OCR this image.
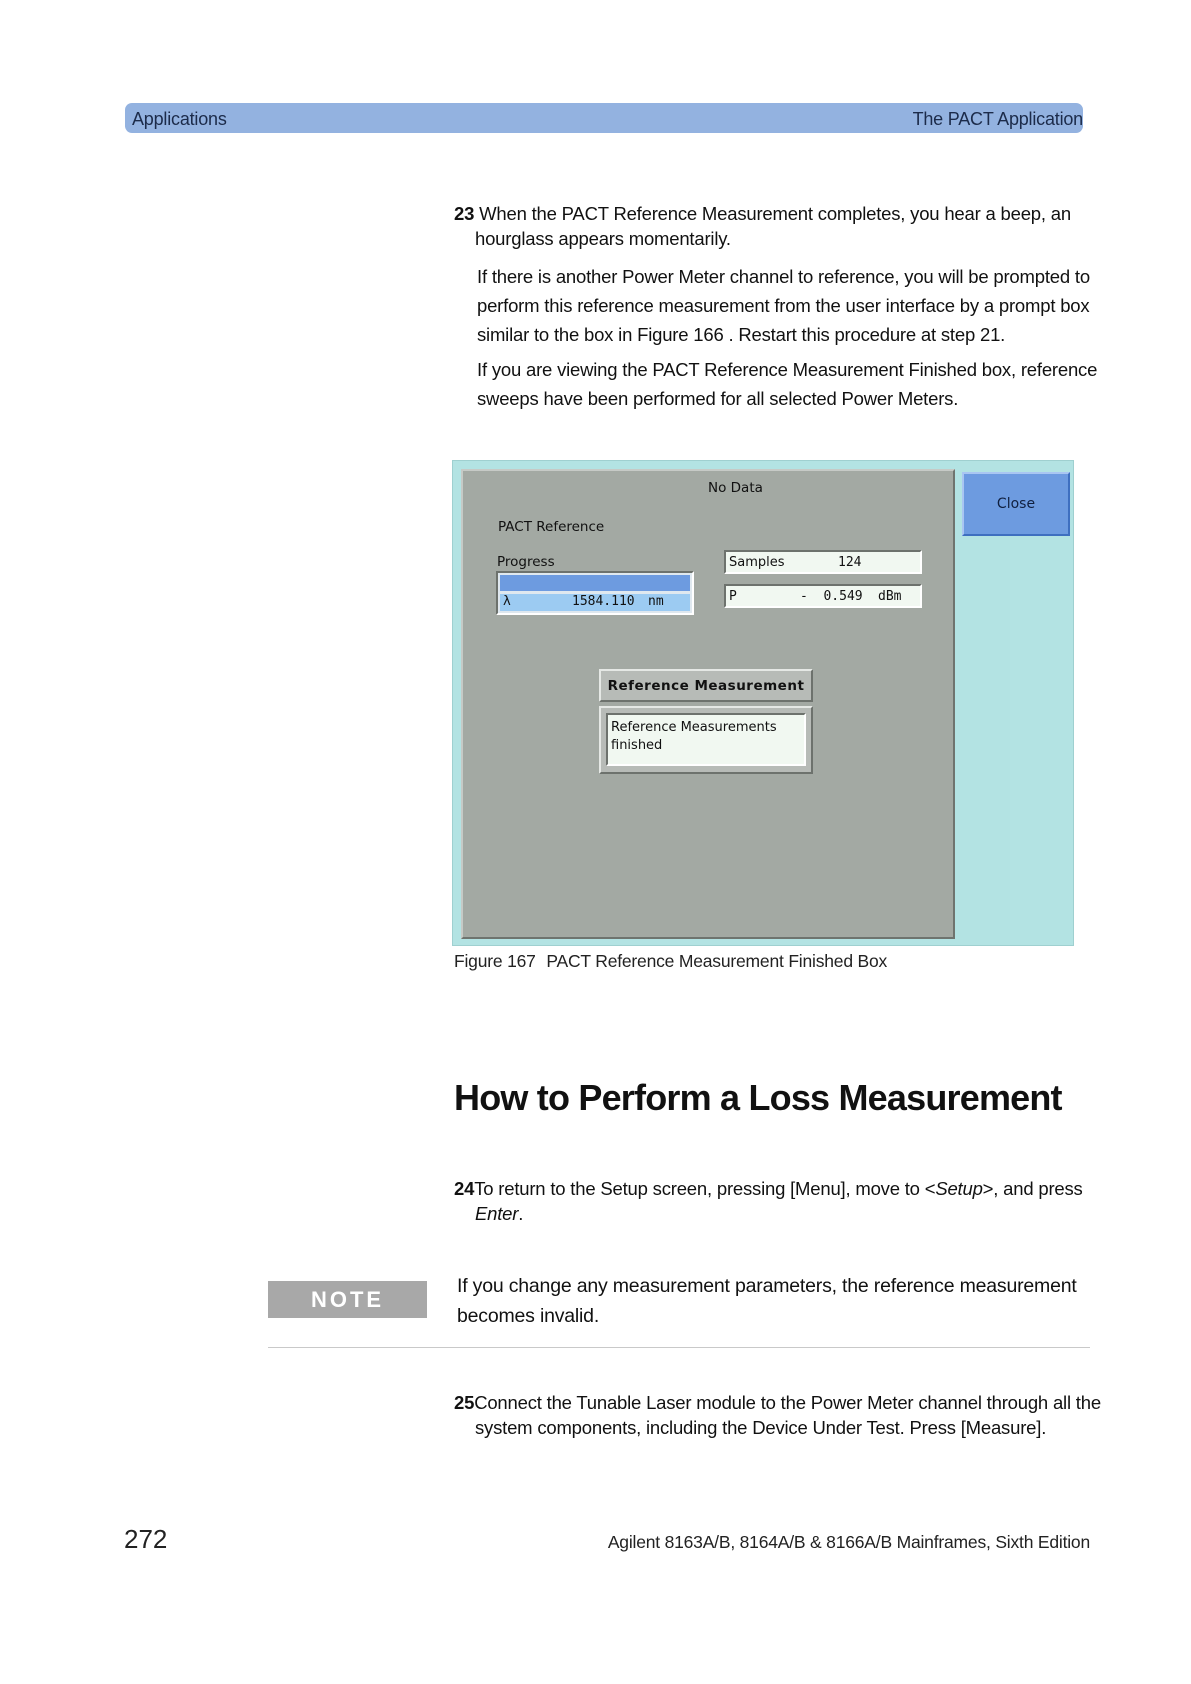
Applications	The PACT Application
23 When the PACT Reference Measurement completes, you hear a beep, an
hourglass appears momentarily.
If there is another Power Meter channel to reference, you will be prompted to
perform this reference measurement from the user interface by a prompt box
similar to the box in Figure 166 . Restart this procedure at step 21.
If you are viewing the PACT Reference Measurement Finished box, reference
sweeps have been performed for all selected Power Meters.
No Data
Close
PACT Reference
Progress
λ	1584.110 nm
Samples	124
P	-  0.549 dBm
Reference Measurement
Reference Measurements
finished
Figure 167 PACT Reference Measurement Finished Box
How to Perform a Loss Measurement
24To return to the Setup screen, pressing [Menu], move to <Setup>, and press
Enter.
NOTE
If you change any measurement parameters, the reference measurement
becomes invalid.
25Connect the Tunable Laser module to the Power Meter channel through all the
system components, including the Device Under Test. Press [Measure].
272	Agilent 8163A/B, 8164A/B & 8166A/B Mainframes, Sixth Edition
